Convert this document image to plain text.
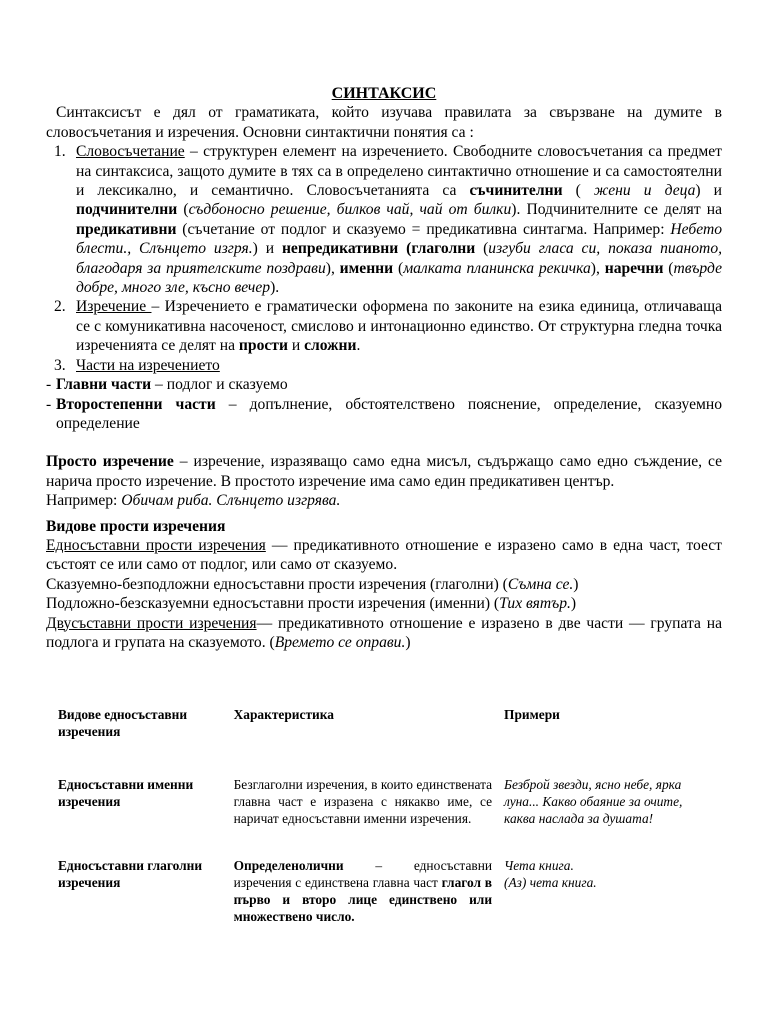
СИНТАКСИС

Синтаксисът е дял от граматиката, който изучава правилата за свързване на думите в словосъчетания и изречения. Основни синтактични понятия са :

1. Словосъчетание – структурен елемент на изречението. Свободните словосъчетания са предмет на синтаксиса, защото думите в тях са в определено синтактично отношение и са самостоятелни и лексикално, и семантично. Словосъчетанията са съчинителни ( жени и деца) и подчинителни (съдбоносно решение, билков чай, чай от билки). Подчинителните се делят на предикативни (съчетание от подлог и сказуемо = предикативна синтагма. Например: Небето блести., Слънцето изгря.) и непредикативни (глаголни (изгуби гласа си, показа пианото, благодаря за приятелските поздрави), именни (малката планинска рекичка), наречни (твърде добре, много зле, късно вечер).
2. Изречение – Изречението е граматически оформена по законите на езика единица, отличаваща се с комуникативна насоченост, смислово и интонационно единство. От структурна гледна точка изреченията се делят на прости и сложни.
3. Части на изречението
- Главни части – подлог и сказуемо
- Второстепенни части – допълнение, обстоятелствено пояснение, определение, сказуемно определение

Просто изречение – изречение, изразяващо само една мисъл, съдържащо само едно съждение, се нарича просто изречение. В простото изречение има само един предикативен център.

Например: Обичам риба. Слънцето изгрява.

Видове прости изречения

Едносъставни прости изречения — предикативното отношение е изразено само в една част, тоест състоят се или само от подлог, или само от сказуемо.

Сказуемно-безподложни едносъставни прости изречения (глаголни) (Съмна се.)

Подложно-безсказуемни едносъставни прости изречения (именни) (Тих вятър.)

Двусъставни прости изречения— предикативното отношение е изразено в две части — групата на подлога и групата на сказуемото. (Времето се оправи.)

Видове едносъставни изречения	Характеристика	Примери
Едносъставни именни изречения	Безглаголни изречения, в които единствената главна част е изразена с някакво име, се наричат едносъставни именни изречения.	Безброй звезди, ясно небе, ярка луна... Какво обаяние за очите, каква наслада за душата!
Едносъставни глаголни изречения	Определенолични – едносъставни изречения с единствена главна част глагол в първо и второ лице единствено или множествено число.	Чета книга.
(Аз) чета книга.
